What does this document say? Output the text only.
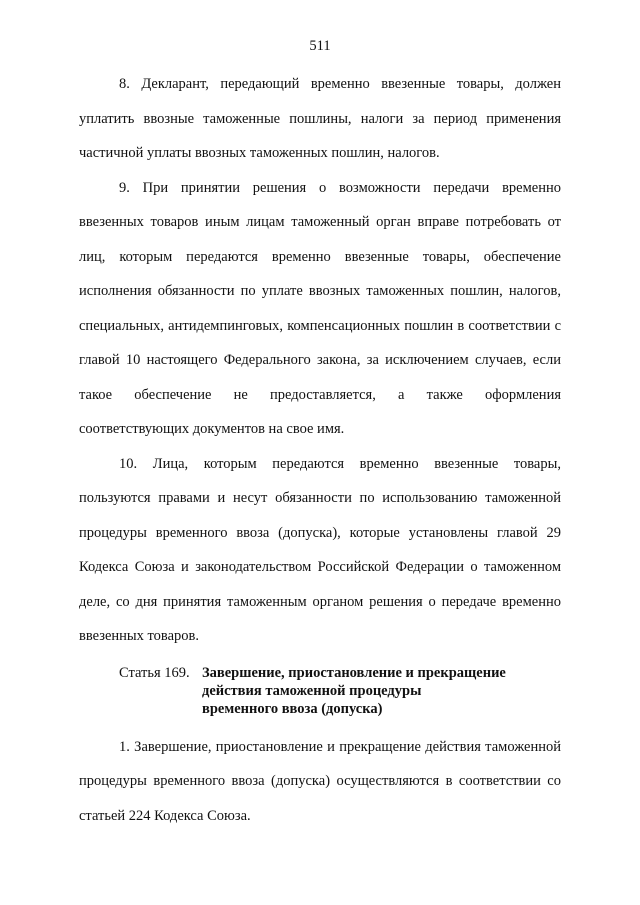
511

8. Декларант, передающий временно ввезенные товары, должен уплатить ввозные таможенные пошлины, налоги за период применения частичной уплаты ввозных таможенных пошлин, налогов.

9. При принятии решения о возможности передачи временно ввезенных товаров иным лицам таможенный орган вправе потребовать от лиц, которым передаются временно ввезенные товары, обеспечение исполнения обязанности по уплате ввозных таможенных пошлин, налогов, специальных, антидемпинговых, компенсационных пошлин в соответствии с главой 10 настоящего Федерального закона, за исключением случаев, если такое обеспечение не предоставляется, а также оформления соответствующих документов на свое имя.

10. Лица, которым передаются временно ввезенные товары, пользуются правами и несут обязанности по использованию таможенной процедуры временного ввоза (допуска), которые установлены главой 29 Кодекса Союза и законодательством Российской Федерации о таможенном деле, со дня принятия таможенным органом решения о передаче временно ввезенных товаров.

Статья 169. Завершение, приостановление и прекращение
действия таможенной процедуры
временного ввоза (допуска)

1. Завершение, приостановление и прекращение действия таможенной процедуры временного ввоза (допуска) осуществляются в соответствии со статьей 224 Кодекса Союза.
